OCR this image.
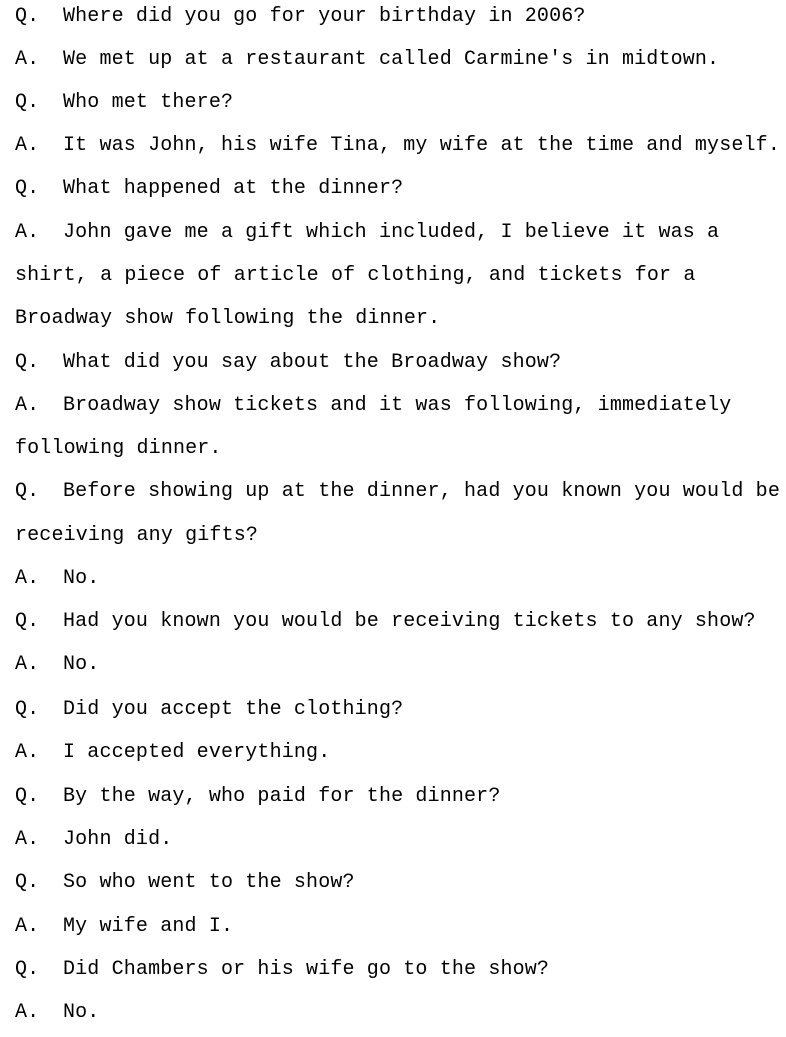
Q. Where did you go for your birthday in 2006?
A. We met up at a restaurant called Carmine's in midtown.
Q. Who met there?
A. It was John, his wife Tina, my wife at the time and myself.
Q. What happened at the dinner?
A. John gave me a gift which included, I believe it was a
shirt, a piece of article of clothing, and tickets for a
Broadway show following the dinner.
Q. What did you say about the Broadway show?
A. Broadway show tickets and it was following, immediately
following dinner.
Q. Before showing up at the dinner, had you known you would be
receiving any gifts?
A. No.
Q. Had you known you would be receiving tickets to any show?
A. No.
Q. Did you accept the clothing?
A. I accepted everything.
Q. By the way, who paid for the dinner?
A. John did.
Q. So who went to the show?
A. My wife and I.
Q. Did Chambers or his wife go to the show?
A. No.
